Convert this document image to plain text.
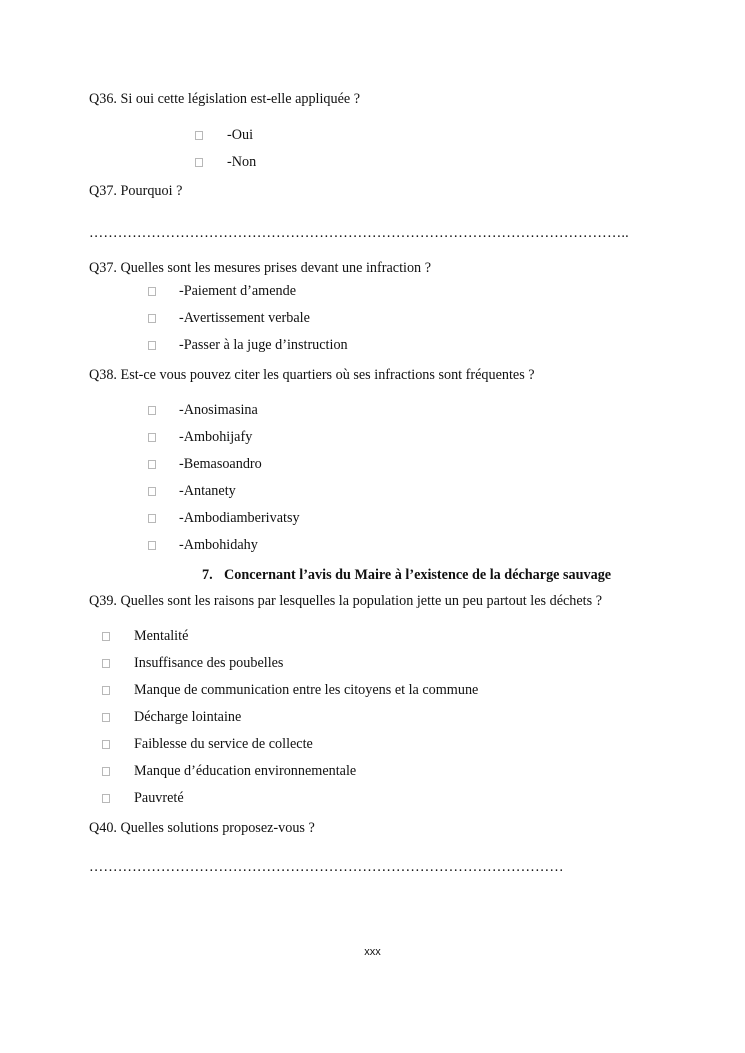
Q36. Si oui cette législation est-elle appliquée ?
-Oui
-Non
Q37. Pourquoi ?
…………………………………………………………………………………………………..
Q37. Quelles sont les mesures prises devant une infraction ?
-Paiement d’amende
-Avertissement verbale
-Passer à la juge d’instruction
Q38. Est-ce vous pouvez citer les quartiers où ses infractions sont fréquentes ?
-Anosimasina
-Ambohijafy
-Bemasoandro
-Antanety
-Ambodiamberivatsy
-Ambohidahy
7. Concernant l’avis du Maire à l’existence de la décharge sauvage
Q39. Quelles sont les raisons par lesquelles la population jette un peu partout les déchets ?
Mentalité
Insuffisance des poubelles
Manque de communication entre les citoyens et la commune
Décharge lointaine
Faiblesse du service de collecte
Manque d’éducation environnementale
Pauvreté
Q40. Quelles solutions proposez-vous ?
………………………………………………………………………………………
xxx
